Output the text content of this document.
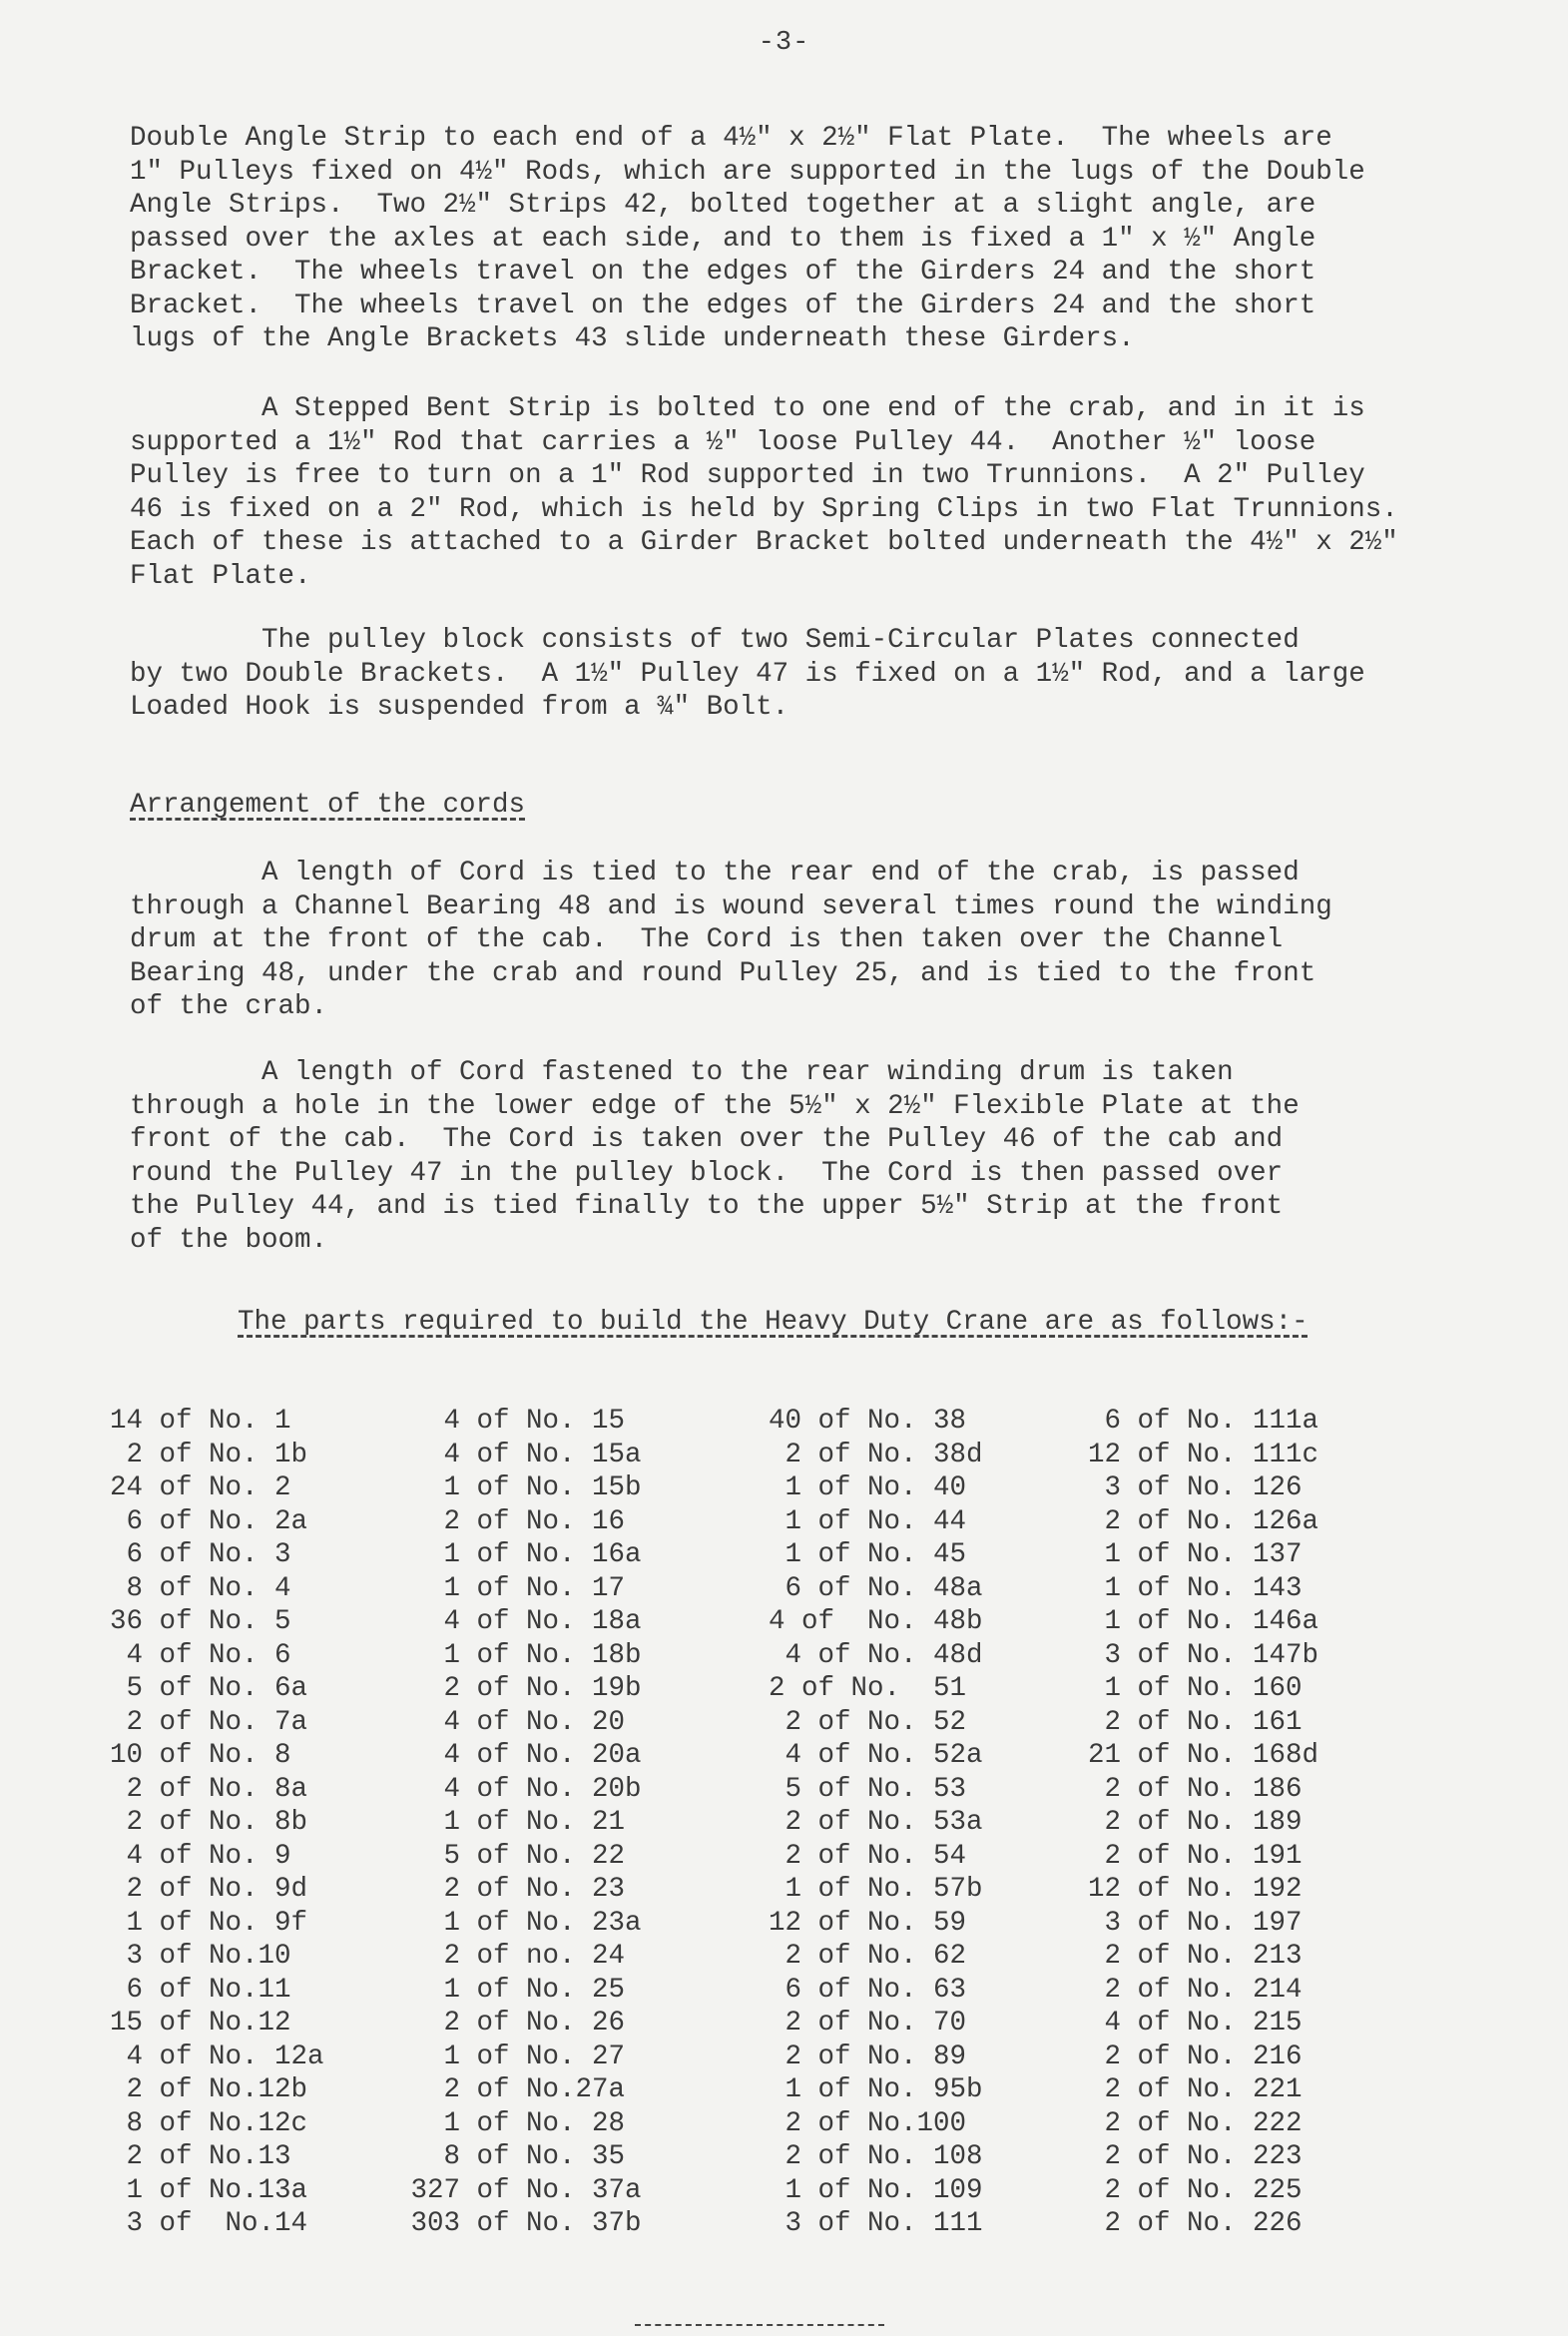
-3-

Double Angle Strip to each end of a 4½" x 2½" Flat Plate.  The wheels are
1" Pulleys fixed on 4½" Rods, which are supported in the lugs of the Double
Angle Strips.  Two 2½" Strips 42, bolted together at a slight angle, are
passed over the axles at each side, and to them is fixed a 1" x ½" Angle
Bracket.  The wheels travel on the edges of the Girders 24 and the short
Bracket.  The wheels travel on the edges of the Girders 24 and the short
lugs of the Angle Brackets 43 slide underneath these Girders.

A Stepped Bent Strip is bolted to one end of the crab, and in it is
supported a 1½" Rod that carries a ½" loose Pulley 44.  Another ½" loose
Pulley is free to turn on a 1" Rod supported in two Trunnions.  A 2" Pulley
46 is fixed on a 2" Rod, which is held by Spring Clips in two Flat Trunnions.
Each of these is attached to a Girder Bracket bolted underneath the 4½" x 2½"
Flat Plate.

The pulley block consists of two Semi-Circular Plates connected
by two Double Brackets.  A 1½" Pulley 47 is fixed on a 1½" Rod, and a large
Loaded Hook is suspended from a ¾" Bolt.

Arrangement of the cords

A length of Cord is tied to the rear end of the crab, is passed
through a Channel Bearing 48 and is wound several times round the winding
drum at the front of the cab.  The Cord is then taken over the Channel
Bearing 48, under the crab and round Pulley 25, and is tied to the front
of the crab.

A length of Cord fastened to the rear winding drum is taken
through a hole in the lower edge of the 5½" x 2½" Flexible Plate at the
front of the cab.  The Cord is taken over the Pulley 46 of the cab and
round the Pulley 47 in the pulley block.  The Cord is then passed over
the Pulley 44, and is tied finally to the upper 5½" Strip at the front
of the boom.

The parts required to build the Heavy Duty Crane are as follows:-
14 of No. 1
2 of No. 1b
24 of No. 2
6 of No. 2a
6 of No. 3
8 of No. 4
36 of No. 5
4 of No. 6
5 of No. 6a
2 of No. 7a
10 of No. 8
2 of No. 8a
2 of No. 8b
4 of No. 9
2 of No. 9d
1 of No. 9f
3 of No.10
6 of No.11
15 of No.12
4 of No. 12a
2 of No.12b
8 of No.12c
2 of No.13
1 of No.13a
3 of  No.14
4 of No. 15
4 of No. 15a
1 of No. 15b
2 of No. 16
1 of No. 16a
1 of No. 17
4 of No. 18a
1 of No. 18b
2 of No. 19b
4 of No. 20
4 of No. 20a
4 of No. 20b
1 of No. 21
5 of No. 22
2 of No. 23
1 of No. 23a
2 of no. 24
1 of No. 25
2 of No. 26
1 of No. 27
2 of No.27a
1 of No. 28
8 of No. 35
327 of No. 37a
303 of No. 37b
40 of No. 38
2 of No. 38d
1 of No. 40
1 of No. 44
1 of No. 45
6 of No. 48a
4 of  No. 48b
4 of No. 48d
2 of No.  51
2 of No. 52
4 of No. 52a
5 of No. 53
2 of No. 53a
2 of No. 54
1 of No. 57b
12 of No. 59
2 of No. 62
6 of No. 63
2 of No. 70
2 of No. 89
1 of No. 95b
2 of No.100
2 of No. 108
1 of No. 109
3 of No. 111
6 of No. 111a
12 of No. 111c
3 of No. 126
2 of No. 126a
1 of No. 137
1 of No. 143
1 of No. 146a
3 of No. 147b
1 of No. 160
2 of No. 161
21 of No. 168d
2 of No. 186
2 of No. 189
2 of No. 191
12 of No. 192
3 of No. 197
2 of No. 213
2 of No. 214
4 of No. 215
2 of No. 216
2 of No. 221
2 of No. 222
2 of No. 223
2 of No. 225
2 of No. 226
